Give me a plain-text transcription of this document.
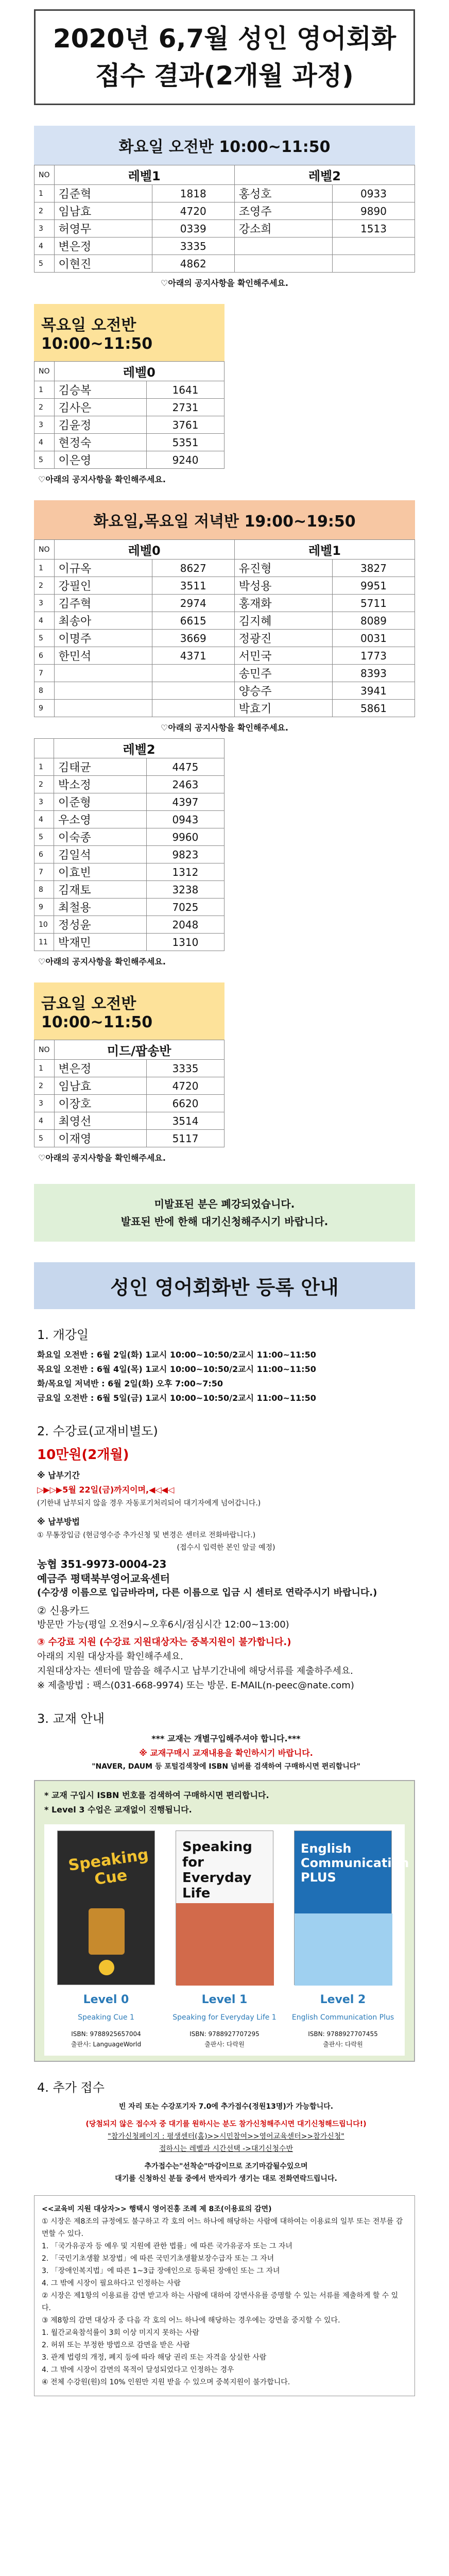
2020년 6,7월 성인 영어회화
접수 결과(2개월 과정)
화요일 오전반 10:00~11:50
NO	레벨1		레벨2	
1	김준혁	1818	홍성호	0933
2	임남효	4720	조영주	9890
3	허영무	0339	강소희	1513
4	변은정	3335		
5	이현진	4862		
♡아래의 공지사항을 확인해주세요.
목요일 오전반 10:00~11:50
NO	레벨0	
1	김승복	1641
2	김사은	2731
3	김윤정	3761
4	현정숙	5351
5	이은영	9240
♡아래의 공지사항을 확인해주세요.
화요일,목요일 저녁반 19:00~19:50
NO	레벨0		레벨1	
1	이규옥	8627	유진형	3827
2	강필인	3511	박성용	9951
3	김주혁	2974	홍재화	5711
4	최송아	6615	김지혜	8089
5	이명주	3669	정광진	0031
6	한민석	4371	서민국	1773
7			송민주	8393
8			양승주	3941
9			박효기	5861
♡아래의 공지사항을 확인해주세요.
	레벨2	
1	김태균	4475
2	박소정	2463
3	이준형	4397
4	우소영	0943
5	이숙종	9960
6	김일석	9823
7	이효빈	1312
8	김재토	3238
9	최철용	7025
10	정성윤	2048
11	박재민	1310
♡아래의 공지사항을 확인해주세요.
금요일 오전반 10:00~11:50
NO	미드/팝송반	
1	변은정	3335
2	임남효	4720
3	이장호	6620
4	최영선	3514
5	이재영	5117
♡아래의 공지사항을 확인해주세요.
미발표된 분은 폐강되었습니다.
발표된 반에 한해 대기신청해주시기 바랍니다.
성인 영어회화반 등록 안내
1. 개강일
화요일 오전반 : 6월 2일(화) 1교시 10:00~10:50/2교시 11:00~11:50
목요일 오전반 : 6월 4일(목) 1교시 10:00~10:50/2교시 11:00~11:50
화/목요일 저녁반 : 6월 2일(화) 오후 7:00~7:50
금요일 오전반 : 6월 5일(금) 1교시 10:00~10:50/2교시 11:00~11:50
2. 수강료(교재비별도)
10만원(2개월)
※ 납부기간
▷▶▷▶5월 22일(금)까지이며,◀◁◀◁
(기한내 납부되지 않을 경우 자동포기처리되어 대기자에게 넘어갑니다.)
※ 납부방법
① 무통장입금 (현금영수증 추가신청 및 변경은 센터로 전화바랍니다.)
(접수시 입력한 본인 앞글 예정)
농협 351-9973-0004-23
예금주 평택북부영어교육센터
(수강생 이름으로 입금바라며, 다른 이름으로 입금 시 센터로 연락주시기 바랍니다.)
② 신용카드
방문만 가능(평일 오전9시~오후6시/점심시간 12:00~13:00)
③ 수강료 지원 (수강료 지원대상자는 중복지원이 불가합니다.)
아래의 지원 대상자를 확인해주세요.
지원대상자는 센터에 말씀을 해주시고 납부기간내에 해당서류를 제출하주세요.
※ 제출방법 : 팩스(031-668-9974) 또는 방문. E-MAIL(n-peec@nate.com)
3. 교재 안내
*** 교재는 개별구입해주셔야 합니다.***
※ 교재구매시 교재내용을 확인하시기 바랍니다.
"NAVER, DAUM 등 포털검색창에 ISBN 넘버를 검색하여 구매하시면 편리합니다"
* 교재 구입시 ISBN 번호를 검색하여 구매하시면 편리합니다.
* Level 3 수업은 교재없이 진행됩니다.
Speaking Cue
Level 0
Speaking Cue 1
ISBN: 9788925657004
출판사: LanguageWorld
Speaking for Everyday Life
Level 1
Speaking for Everyday Life 1
ISBN: 9788927707295
출판사: 다락원
English Communication PLUS
Level 2
English Communication Plus
ISBN: 9788927707455
출판사: 다락원
4. 추가 접수
빈 자리 또는 수강포기자 7.0에 추가접수(정원13명)가 가능합니다.
(당첨되지 않은 접수자 중 대기를 원하시는 분도 참가신청해주시면 대기신청해드립니다!)
"참가신청페이지 : 평생센터(홈)>>시민참여>>영어교육센터>>참가신청"
접하시는 레벨과 시간선택 ->대기신청수반
추가접수는"선착순"마감이므로 조기마감될수있으며
대기를 신청하신 분들 중에서 반자리가 생기는 대로 전화연락드립니다.
<<교육비 지원 대상자>> 행택시 영어진흥 조례 제 8조(이용료의 감면)
① 시장은 제8조의 규정에도 불구하고 각 호의 어느 하나에 해당하는 사람에 대하여는 이용료의 일부 또는 전부를 감면할 수 있다.
1. 「국가유공자 등 예우 및 지원에 관한 법률」에 따른 국가유공자 또는 그 자녀
2. 「국민기초생활 보장법」에 따른 국민기초생활보장수급자 또는 그 자녀
3. 「장애인복지법」에 따른 1~3급 장애인으로 등록된 장애인 또는 그 자녀
4. 그 밖에 시장이 필요하다고 인정하는 사람
② 시장은 제1항의 이용료를 감면 받고자 하는 사람에 대하여 강면사유를 증명할 수 있는 서류를 제출하게 할 수 있다.
③ 제8항의 감면 대상자 중 다음 각 호의 어느 하나에 해당하는 경우에는 강면을 중지할 수 있다.
1. 월간교육참석률이 3회 이상 미지지 못하는 사람
2. 허위 또는 부정한 방법으로 감면을 받은 사람
3. 관계 법령의 개정, 폐지 등에 따라 해당 권리 또는 자격을 상실한 사람
4. 그 밖에 시장이 감면의 목적이 달성되었다고 인정하는 경우
④ 전체 수강원(원)의 10% 인원만 지원 받을 수 있으며 중복지원이 불가합니다.
